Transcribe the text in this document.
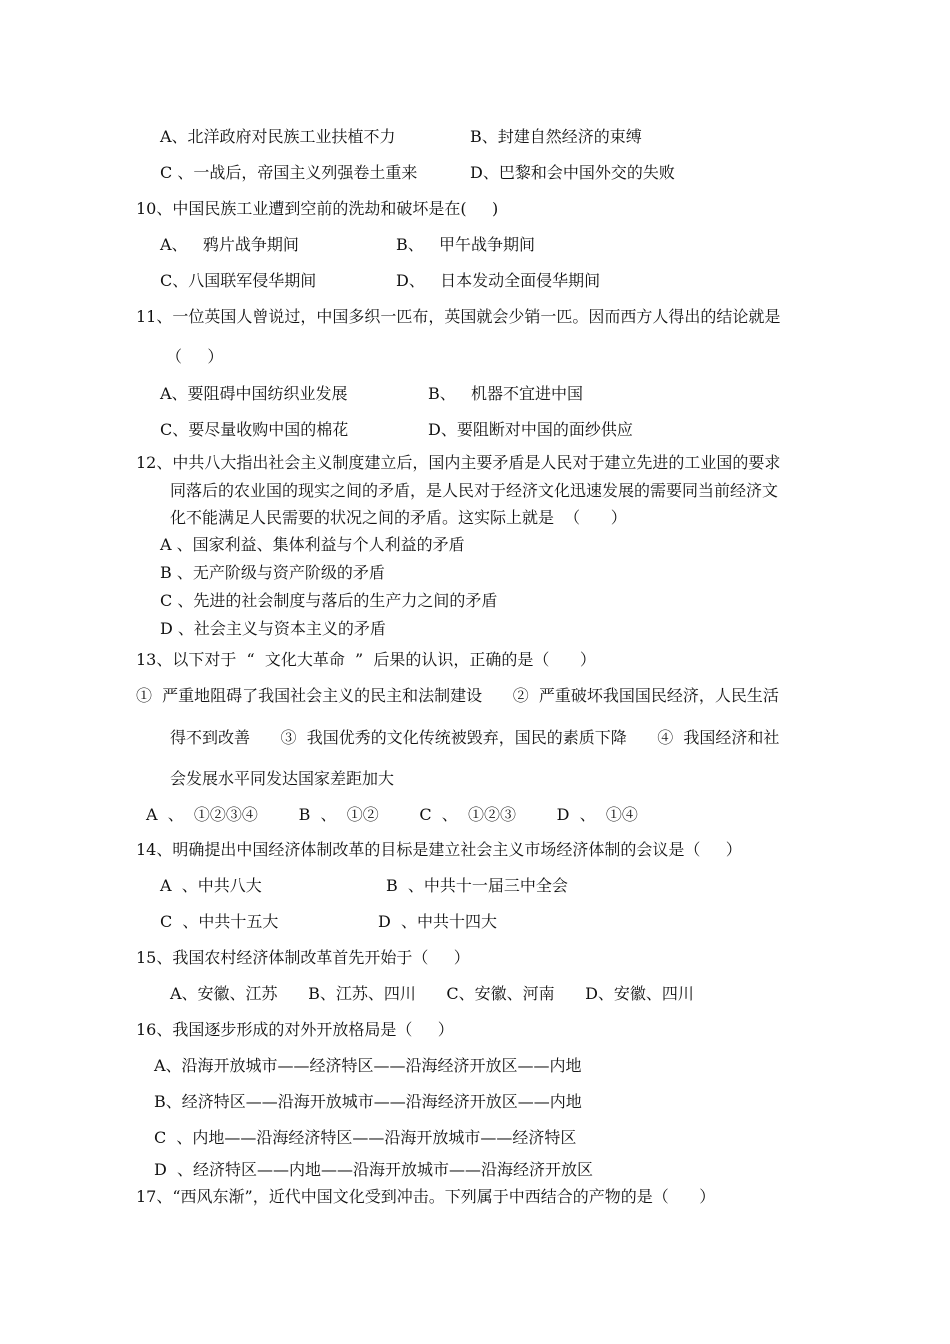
A、北洋政府对民族工业扶植不力	B、封建自然经济的束缚
C 、一战后，帝国主义列强卷土重来	D、巴黎和会中国外交的失败
10、中国民族工业遭到空前的洗劫和破坏是在(     )
A、   鸦片战争期间	B、   甲午战争期间
C、八国联军侵华期间	D、   日本发动全面侵华期间
11、一位英国人曾说过，中国多织一匹布，英国就会少销一匹。因而西方人得出的结论就是
（     ）
A、要阻碍中国纺织业发展	B、   机器不宜进中国
C、要尽量收购中国的棉花	D、要阻断对中国的面纱供应
12、中共八大指出社会主义制度建立后，国内主要矛盾是人民对于建立先进的工业国的要求
同落后的农业国的现实之间的矛盾，是人民对于经济文化迅速发展的需要同当前经济文
化不能满足人民需要的状况之间的矛盾。这实际上就是  （      ）
A 、国家利益、集体利益与个人利益的矛盾
B 、无产阶级与资产阶级的矛盾
C 、先进的社会制度与落后的生产力之间的矛盾
D 、社会主义与资本主义的矛盾
13、以下对于  “  文化大革命  ”  后果的认识，正确的是（      ）
①  严重地阻碍了我国社会主义的民主和法制建设      ②  严重破坏我国国民经济，人民生活
得不到改善      ③  我国优秀的文化传统被毁弃，国民的素质下降      ④  我国经济和社
会发展水平同发达国家差距加大
A  、  ①②③④        B  、  ①②        C  、  ①②③        D  、  ①④
14、明确提出中国经济体制改革的目标是建立社会主义市场经济体制的会议是（     ）
A  、中共八大	B  、中共十一届三中全会
C  、中共十五大	D  、中共十四大
15、我国农村经济体制改革首先开始于（     ）
A、安徽、江苏      B、江苏、四川      C、安徽、河南      D、安徽、四川
16、我国逐步形成的对外开放格局是（     ）
A、沿海开放城市——经济特区——沿海经济开放区——内地
B、经济特区——沿海开放城市——沿海经济开放区——内地
C  、内地——沿海经济特区——沿海开放城市——经济特区
D  、经济特区——内地——沿海开放城市——沿海经济开放区
17、“西风东渐”，近代中国文化受到冲击。下列属于中西结合的产物的是（      ）
